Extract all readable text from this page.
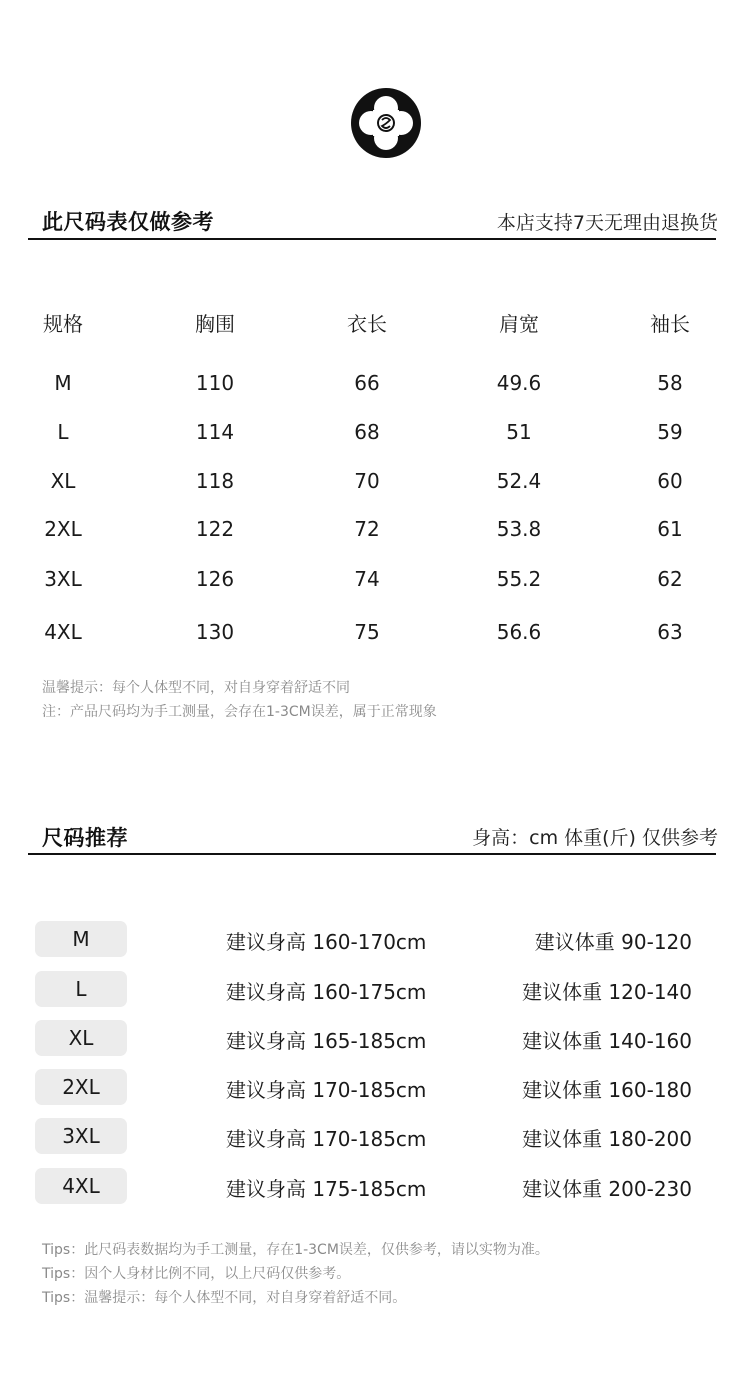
此尺码表仅做参考	本店支持7天无理由退换货
温馨提示：每个人体型不同，对自身穿着舒适不同
注：产品尺码均为手工测量，会存在1-3CM误差，属于正常现象
尺码推荐	身高：cm 体重(斤) 仅供参考
Tips：此尺码表数据均为手工测量，存在1-3CM误差，仅供参考，请以实物为准。
Tips：因个人身材比例不同，以上尺码仅供参考。
Tips：温馨提示：每个人体型不同，对自身穿着舒适不同。
规格	胸围	衣长	肩宽	袖长
M	110	66	49.6	58
L	114	68	51	59
XL	118	70	52.4	60
2XL	122	72	53.8	61
3XL	126	74	55.2	62
4XL	130	75	56.6	63
M	建议身高 160-170cm	建议体重 90-120
L	建议身高 160-175cm	建议体重 120-140
XL	建议身高 165-185cm	建议体重 140-160
2XL	建议身高 170-185cm	建议体重 160-180
3XL	建议身高 170-185cm	建议体重 180-200
4XL	建议身高 175-185cm	建议体重 200-230
